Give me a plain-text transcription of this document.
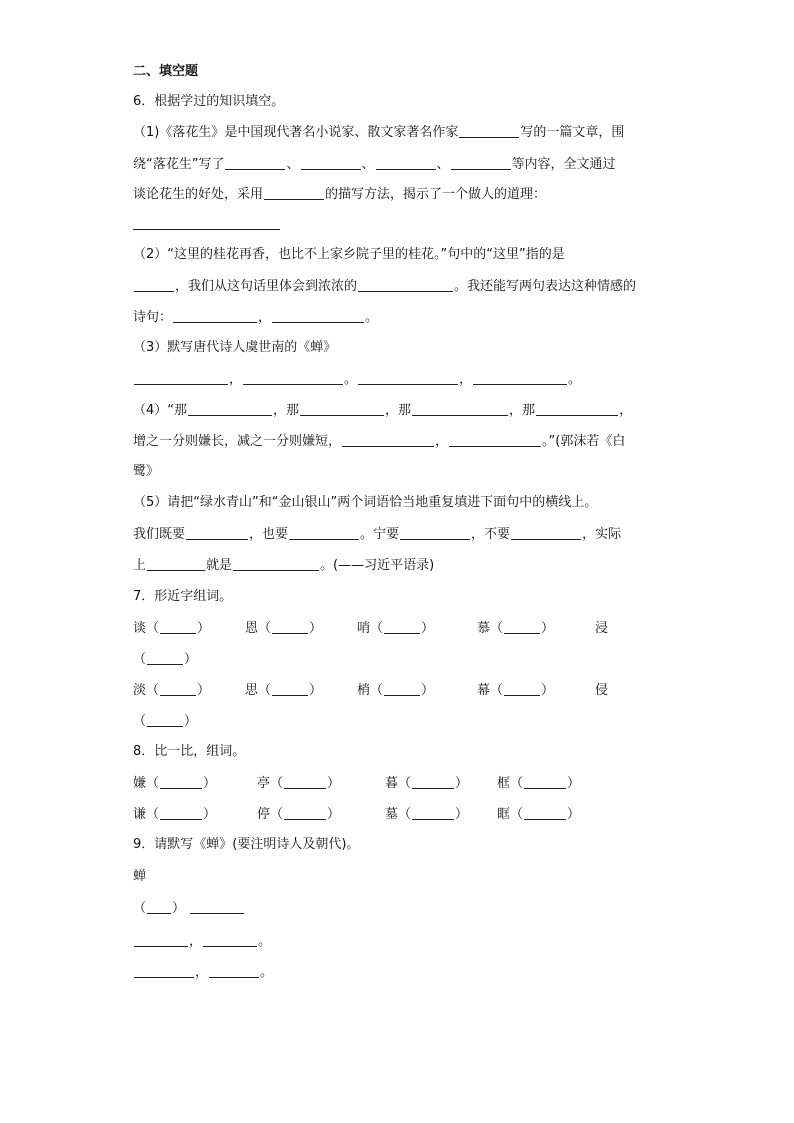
二、填空题
6．根据学过的知识填空。
（1)《落花生》是中国现代著名小说家、散文家著名作家	写的一篇文章，围
绕“落花生”写了	、	、	、	等内容，全文通过
谈论花生的好处，采用	的描写方法，揭示了一个做人的道理：
（2）“这里的桂花再香，也比不上家乡院子里的桂花。”句中的“这里”指的是
，我们从这句话里体会到浓浓的	。我还能写两句表达这种情感的
诗句：	，	。
（3）默写唐代诗人虞世南的《蝉》
，	。	，	。
（4）“那	，那	，那	，那	，
增之一分则嫌长，减之一分则嫌短，	，	。”(郭沫若《白
鹭》
（5）请把“绿水青山”和“金山银山”两个词语恰当地重复填进下面句中的横线上。
我们既要	，也要	。宁要	，不要	，实际
上	就是	。(——习近平语录)
7．形近字组词。
谈（	）	恩（	）	哨（	）	慕（	）	浸
（	）
淡（	）	思（	）	梢（	）	幕（	）	侵
（	）
8．比一比，组词。
嫌（	）	亭（	）	暮（	） 框（	）
谦（	）	停（	）	墓（	） 眶（	）
9．请默写《蝉》(要注明诗人及朝代)。
蝉
（ ）
，	。
，	。
